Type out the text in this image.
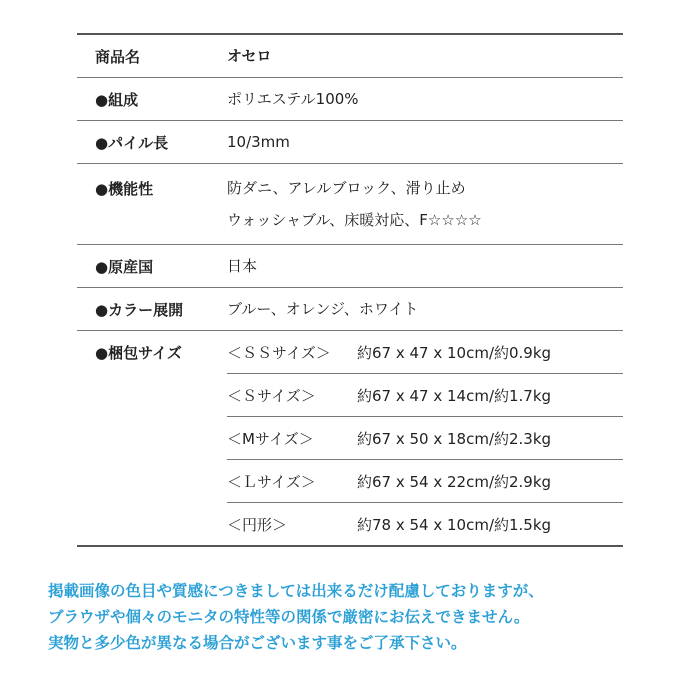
商品名	オセロ
●組成	ポリエステル100%
●パイル長	10/3mm
●機能性	防ダニ、アレルブロック、滑り止め
ウォッシャブル、床暖対応、F☆☆☆☆
●原産国	日本
●カラー展開	ブルー、オレンジ、ホワイト
●梱包サイズ	＜ＳＳサイズ＞	約67 x 47 x 10cm/約0.9kg
＜Ｓサイズ＞	約67 x 47 x 14cm/約1.7kg
＜Mサイズ＞	約67 x 50 x 18cm/約2.3kg
＜Ｌサイズ＞	約67 x 54 x 22cm/約2.9kg
＜円形＞	約78 x 54 x 10cm/約1.5kg
掲載画像の色目や質感につきましては出来るだけ配慮しておりますが、
ブラウザや個々のモニタの特性等の関係で厳密にお伝えできません。
実物と多少色が異なる場合がございます事をご了承下さい。
